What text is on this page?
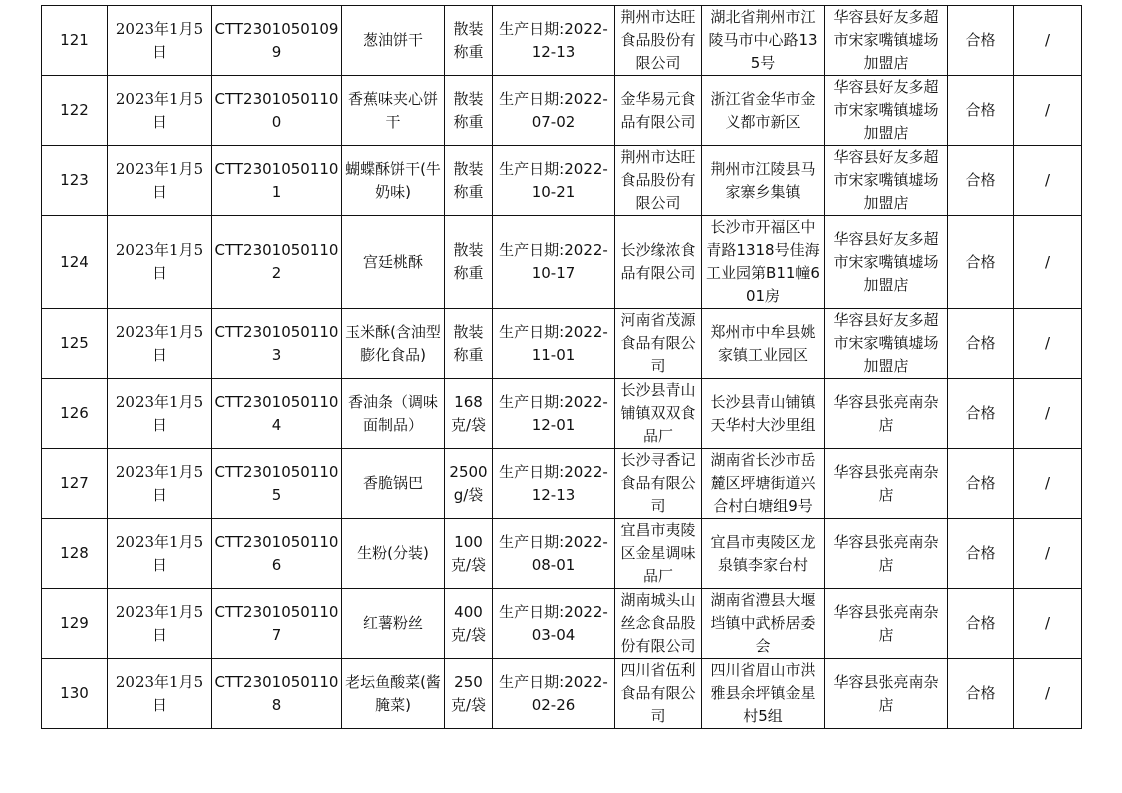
121	2023年1月5日	CTT23010501099	葱油饼干	散装称重	生产日期:2022-12-13	荆州市达旺食品股份有限公司	湖北省荆州市江陵马市中心路135号	华容县好友多超市宋家嘴镇墟场加盟店	合格	/
122	2023年1月5日	CTT23010501100	香蕉味夹心饼干	散装称重	生产日期:2022-07-02	金华易元食品有限公司	浙江省金华市金义都市新区	华容县好友多超市宋家嘴镇墟场加盟店	合格	/
123	2023年1月5日	CTT23010501101	蝴蝶酥饼干(牛奶味)	散装称重	生产日期:2022-10-21	荆州市达旺食品股份有限公司	荆州市江陵县马家寨乡集镇	华容县好友多超市宋家嘴镇墟场加盟店	合格	/
124	2023年1月5日	CTT23010501102	宫廷桃酥	散装称重	生产日期:2022-10-17	长沙缘浓食品有限公司	长沙市开福区中青路1318号佳海工业园第B11幢601房	华容县好友多超市宋家嘴镇墟场加盟店	合格	/
125	2023年1月5日	CTT23010501103	玉米酥(含油型膨化食品)	散装称重	生产日期:2022-11-01	河南省茂源食品有限公司	郑州市中牟县姚家镇工业园区	华容县好友多超市宋家嘴镇墟场加盟店	合格	/
126	2023年1月5日	CTT23010501104	香油条（调味面制品）	168克/袋	生产日期:2022-12-01	长沙县青山铺镇双双食品厂	长沙县青山铺镇天华村大沙里组	华容县张亮南杂店	合格	/
127	2023年1月5日	CTT23010501105	香脆锅巴	2500g/袋	生产日期:2022-12-13	长沙寻香记食品有限公司	湖南省长沙市岳麓区坪塘街道兴合村白塘组9号	华容县张亮南杂店	合格	/
128	2023年1月5日	CTT23010501106	生粉(分装)	100克/袋	生产日期:2022-08-01	宜昌市夷陵区金星调味品厂	宜昌市夷陵区龙泉镇李家台村	华容县张亮南杂店	合格	/
129	2023年1月5日	CTT23010501107	红薯粉丝	400克/袋	生产日期:2022-03-04	湖南城头山丝念食品股份有限公司	湖南省澧县大堰垱镇中武桥居委会	华容县张亮南杂店	合格	/
130	2023年1月5日	CTT23010501108	老坛鱼酸菜(酱腌菜)	250克/袋	生产日期:2022-02-26	四川省伍利食品有限公司	四川省眉山市洪雅县余坪镇金星村5组	华容县张亮南杂店	合格	/
